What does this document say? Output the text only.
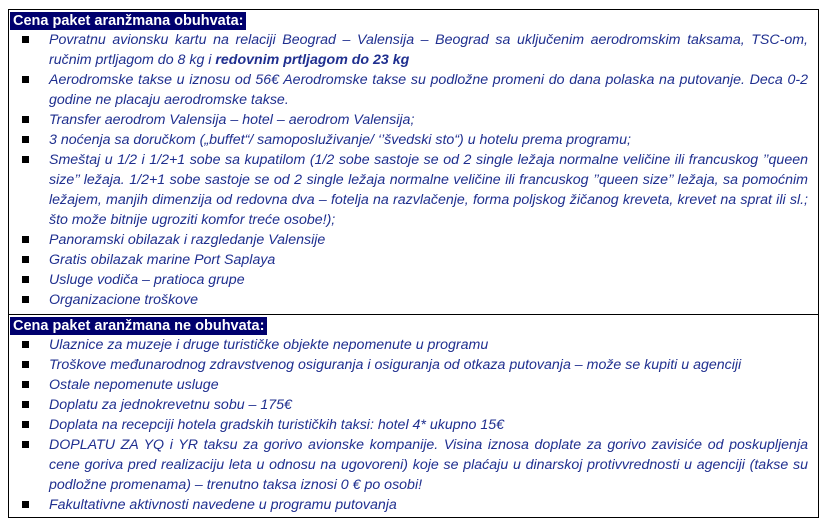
Cena paket aranžmana obuhvata:
Povratnu avionsku kartu na relaciji Beograd – Valensija – Beograd sa uključenim aerodromskim taksama, TSC-om, ručnim prtljagom do 8 kg i redovnim prtljagom do 23 kg
Aerodromske takse u iznosu od 56€ Aerodromske takse su podložne promeni do dana polaska na putovanje. Deca 0-2 godine ne placaju aerodromske takse.
Transfer aerodrom Valensija – hotel – aerodrom Valensija;
3 noćenja sa doručkom („buffet“/ samoposluživanje/ ‘’švedski sto“) u hotelu prema programu;
Smeštaj u 1/2 i 1/2+1 sobe sa kupatilom (1/2 sobe sastoje se od 2 single ležaja normalne veličine ili francuskog ’’queen size’’ ležaja. 1/2+1 sobe sastoje se od 2 single ležaja normalne veličine ili francuskog ’’queen size’’ ležaja, sa pomoćnim ležajem, manjih dimenzija od redovna dva – fotelja na razvlačenje, forma poljskog žičanog kreveta, krevet na sprat ili sl.; što može bitnije ugroziti komfor treće osobe!);
Panoramski obilazak i razgledanje Valensije
Gratis obilazak marine Port Saplaya
Usluge vodiča – pratioca grupe
Organizacione troškove
Cena paket aranžmana ne obuhvata:
Ulaznice za muzeje i druge turističke objekte nepomenute u programu
Troškove međunarodnog zdravstvenog osiguranja i osiguranja od otkaza putovanja – može se kupiti u agenciji
Ostale nepomenute usluge
Doplatu za jednokrevetnu sobu – 175€
Doplata na recepciji hotela gradskih turističkih taksi: hotel 4* ukupno 15€
DOPLATU ZA YQ i YR taksu za gorivo avionske kompanije. Visina iznosa doplate za gorivo zavisiće od poskupljenja cene goriva pred realizaciju leta u odnosu na ugovoreni) koje se plaćaju u dinarskoj protivvrednosti u agenciji (takse su podložne promenama) – trenutno taksa iznosi 0 € po osobi!
Fakultativne aktivnosti navedene u programu putovanja
